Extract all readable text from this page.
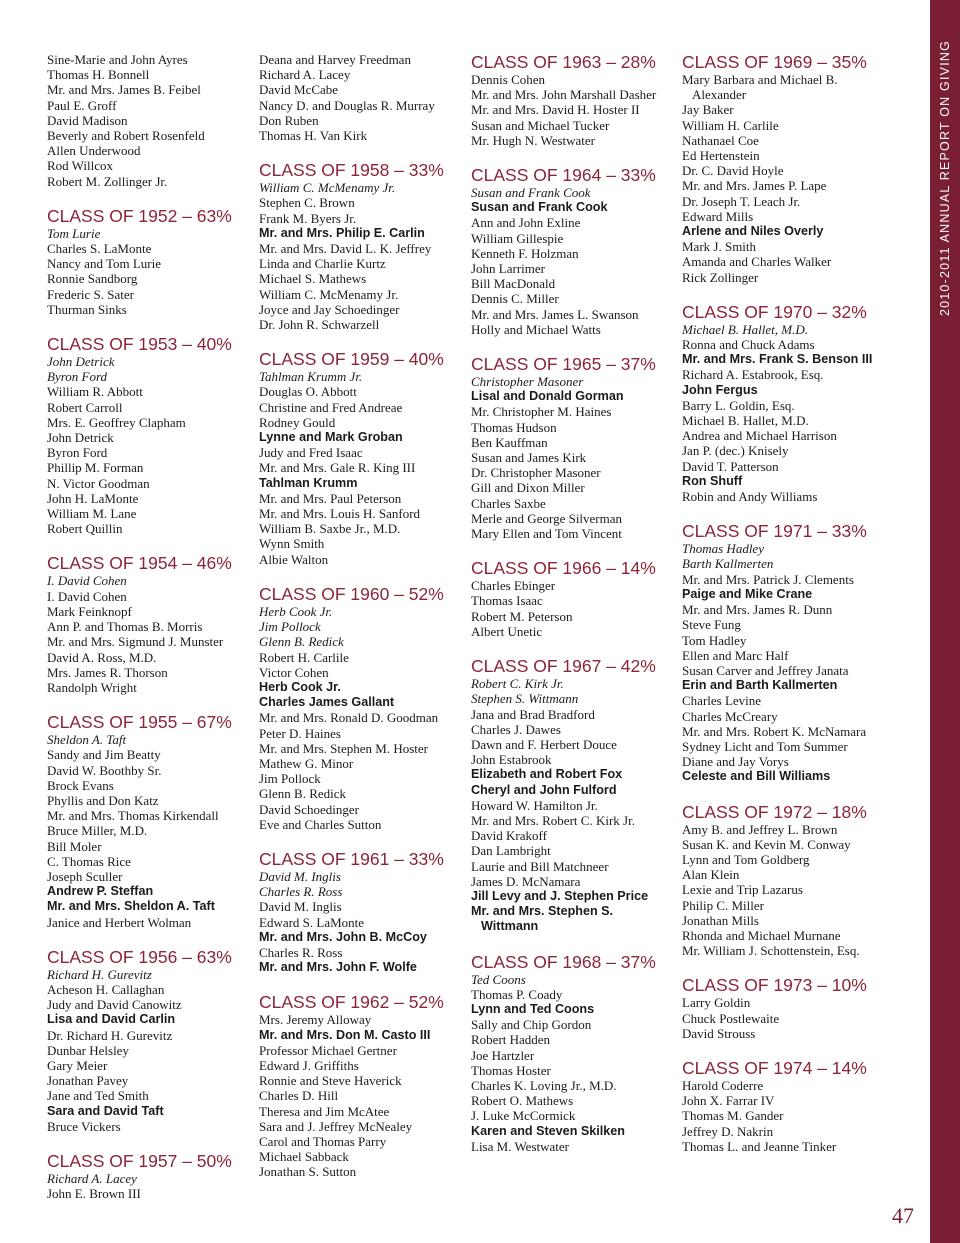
Sine-Marie and John Ayres
Thomas H. Bonnell
Mr. and Mrs. James B. Feibel
Paul E. Groff
David Madison
Beverly and Robert Rosenfeld
Allen Underwood
Rod Willcox
Robert M. Zollinger Jr.
CLASS OF 1952 – 63%
Tom Lurie
Charles S. LaMonte
Nancy and Tom Lurie
Ronnie Sandborg
Frederic S. Sater
Thurman Sinks
CLASS OF 1953 – 40%
John Detrick
Byron Ford
William R. Abbott
Robert Carroll
Mrs. E. Geoffrey Clapham
John Detrick
Byron Ford
Phillip M. Forman
N. Victor Goodman
John H. LaMonte
William M. Lane
Robert Quillin
CLASS OF 1954 – 46%
I. David Cohen
I. David Cohen
Mark Feinknopf
Ann P. and Thomas B. Morris
Mr. and Mrs. Sigmund J. Munster
David A. Ross, M.D.
Mrs. James R. Thorson
Randolph Wright
CLASS OF 1955 – 67%
Sheldon A. Taft
Sandy and Jim Beatty
David W. Boothby Sr.
Brock Evans
Phyllis and Don Katz
Mr. and Mrs. Thomas Kirkendall
Bruce Miller, M.D.
Bill Moler
C. Thomas Rice
Joseph Sculler
Andrew P. Steffan
Mr. and Mrs. Sheldon A. Taft
Janice and Herbert Wolman
CLASS OF 1956 – 63%
Richard H. Gurevitz
Acheson H. Callaghan
Judy and David Canowitz
Lisa and David Carlin
Dr. Richard H. Gurevitz
Dunbar Helsley
Gary Meier
Jonathan Pavey
Jane and Ted Smith
Sara and David Taft
Bruce Vickers
CLASS OF 1957 – 50%
Richard A. Lacey
John E. Brown III
Deana and Harvey Freedman
Richard A. Lacey
David McCabe
Nancy D. and Douglas R. Murray
Don Ruben
Thomas H. Van Kirk
CLASS OF 1958 – 33%
William C. McMenamy Jr.
Stephen C. Brown
Frank M. Byers Jr.
Mr. and Mrs. Philip E. Carlin
Mr. and Mrs. David L. K. Jeffrey
Linda and Charlie Kurtz
Michael S. Mathews
William C. McMenamy Jr.
Joyce and Jay Schoedinger
Dr. John R. Schwarzell
CLASS OF 1959 – 40%
Tahlman Krumm Jr.
Douglas O. Abbott
Christine and Fred Andreae
Rodney Gould
Lynne and Mark Groban
Judy and Fred Isaac
Mr. and Mrs. Gale R. King III
Tahlman Krumm
Mr. and Mrs. Paul Peterson
Mr. and Mrs. Louis H. Sanford
William B. Saxbe Jr., M.D.
Wynn Smith
Albie Walton
CLASS OF 1960 – 52%
Herb Cook Jr.
Jim Pollock
Glenn B. Redick
Robert H. Carlile
Victor Cohen
Herb Cook Jr.
Charles James Gallant
Mr. and Mrs. Ronald D. Goodman
Peter D. Haines
Mr. and Mrs. Stephen M. Hoster
Mathew G. Minor
Jim Pollock
Glenn B. Redick
David Schoedinger
Eve and Charles Sutton
CLASS OF 1961 – 33%
David M. Inglis
Charles R. Ross
David M. Inglis
Edward S. LaMonte
Mr. and Mrs. John B. McCoy
Charles R. Ross
Mr. and Mrs. John F. Wolfe
CLASS OF 1962 – 52%
Mrs. Jeremy Alloway
Mr. and Mrs. Don M. Casto III
Professor Michael Gertner
Edward J. Griffiths
Ronnie and Steve Haverick
Charles D. Hill
Theresa and Jim McAtee
Sara and J. Jeffrey McNealey
Carol and Thomas Parry
Michael Sabback
Jonathan S. Sutton
CLASS OF 1963 – 28%
Dennis Cohen
Mr. and Mrs. John Marshall Dasher
Mr. and Mrs. David H. Hoster II
Susan and Michael Tucker
Mr. Hugh N. Westwater
CLASS OF 1964 – 33%
Susan and Frank Cook
Susan and Frank Cook
Ann and John Exline
William Gillespie
Kenneth F. Holzman
John Larrimer
Bill MacDonald
Dennis C. Miller
Mr. and Mrs. James L. Swanson
Holly and Michael Watts
CLASS OF 1965 – 37%
Christopher Masoner
Lisal and Donald Gorman
Mr. Christopher M. Haines
Thomas Hudson
Ben Kauffman
Susan and James Kirk
Dr. Christopher Masoner
Gill and Dixon Miller
Charles Saxbe
Merle and George Silverman
Mary Ellen and Tom Vincent
CLASS OF 1966 – 14%
Charles Ebinger
Thomas Isaac
Robert M. Peterson
Albert Unetic
CLASS OF 1967 – 42%
Robert C. Kirk Jr.
Stephen S. Wittmann
Jana and Brad Bradford
Charles J. Dawes
Dawn and F. Herbert Douce
John Estabrook
Elizabeth and Robert Fox
Cheryl and John Fulford
Howard W. Hamilton Jr.
Mr. and Mrs. Robert C. Kirk Jr.
David Krakoff
Dan Lambright
Laurie and Bill Matchneer
James D. McNamara
Jill Levy and J. Stephen Price
Mr. and Mrs. Stephen S. Wittmann
CLASS OF 1968 – 37%
Ted Coons
Thomas P. Coady
Lynn and Ted Coons
Sally and Chip Gordon
Robert Hadden
Joe Hartzler
Thomas Hoster
Charles K. Loving Jr., M.D.
Robert O. Mathews
J. Luke McCormick
Karen and Steven Skilken
Lisa M. Westwater
CLASS OF 1969 – 35%
Mary Barbara and Michael B. Alexander
Jay Baker
William H. Carlile
Nathanael Coe
Ed Hertenstein
Dr. C. David Hoyle
Mr. and Mrs. James P. Lape
Dr. Joseph T. Leach Jr.
Edward Mills
Arlene and Niles Overly
Mark J. Smith
Amanda and Charles Walker
Rick Zollinger
CLASS OF 1970 – 32%
Michael B. Hallet, M.D.
Ronna and Chuck Adams
Mr. and Mrs. Frank S. Benson III
Richard A. Estabrook, Esq.
John Fergus
Barry L. Goldin, Esq.
Michael B. Hallet, M.D.
Andrea and Michael Harrison
Jan P. (dec.) Knisely
David T. Patterson
Ron Shuff
Robin and Andy Williams
CLASS OF 1971 – 33%
Thomas Hadley
Barth Kallmerten
Mr. and Mrs. Patrick J. Clements
Paige and Mike Crane
Mr. and Mrs. James R. Dunn
Steve Fung
Tom Hadley
Ellen and Marc Half
Susan Carver and Jeffrey Janata
Erin and Barth Kallmerten
Charles Levine
Charles McCreary
Mr. and Mrs. Robert K. McNamara
Sydney Licht and Tom Summer
Diane and Jay Vorys
Celeste and Bill Williams
CLASS OF 1972 – 18%
Amy B. and Jeffrey L. Brown
Susan K. and Kevin M. Conway
Lynn and Tom Goldberg
Alan Klein
Lexie and Trip Lazarus
Philip C. Miller
Jonathan Mills
Rhonda and Michael Murnane
Mr. William J. Schottenstein, Esq.
CLASS OF 1973 – 10%
Larry Goldin
Chuck Postlewaite
David Strouss
CLASS OF 1974 – 14%
Harold Coderre
John X. Farrar IV
Thomas M. Gander
Jeffrey D. Nakrin
Thomas L. and Jeanne Tinker
2010-2011 ANNUAL REPORT ON GIVING
47
